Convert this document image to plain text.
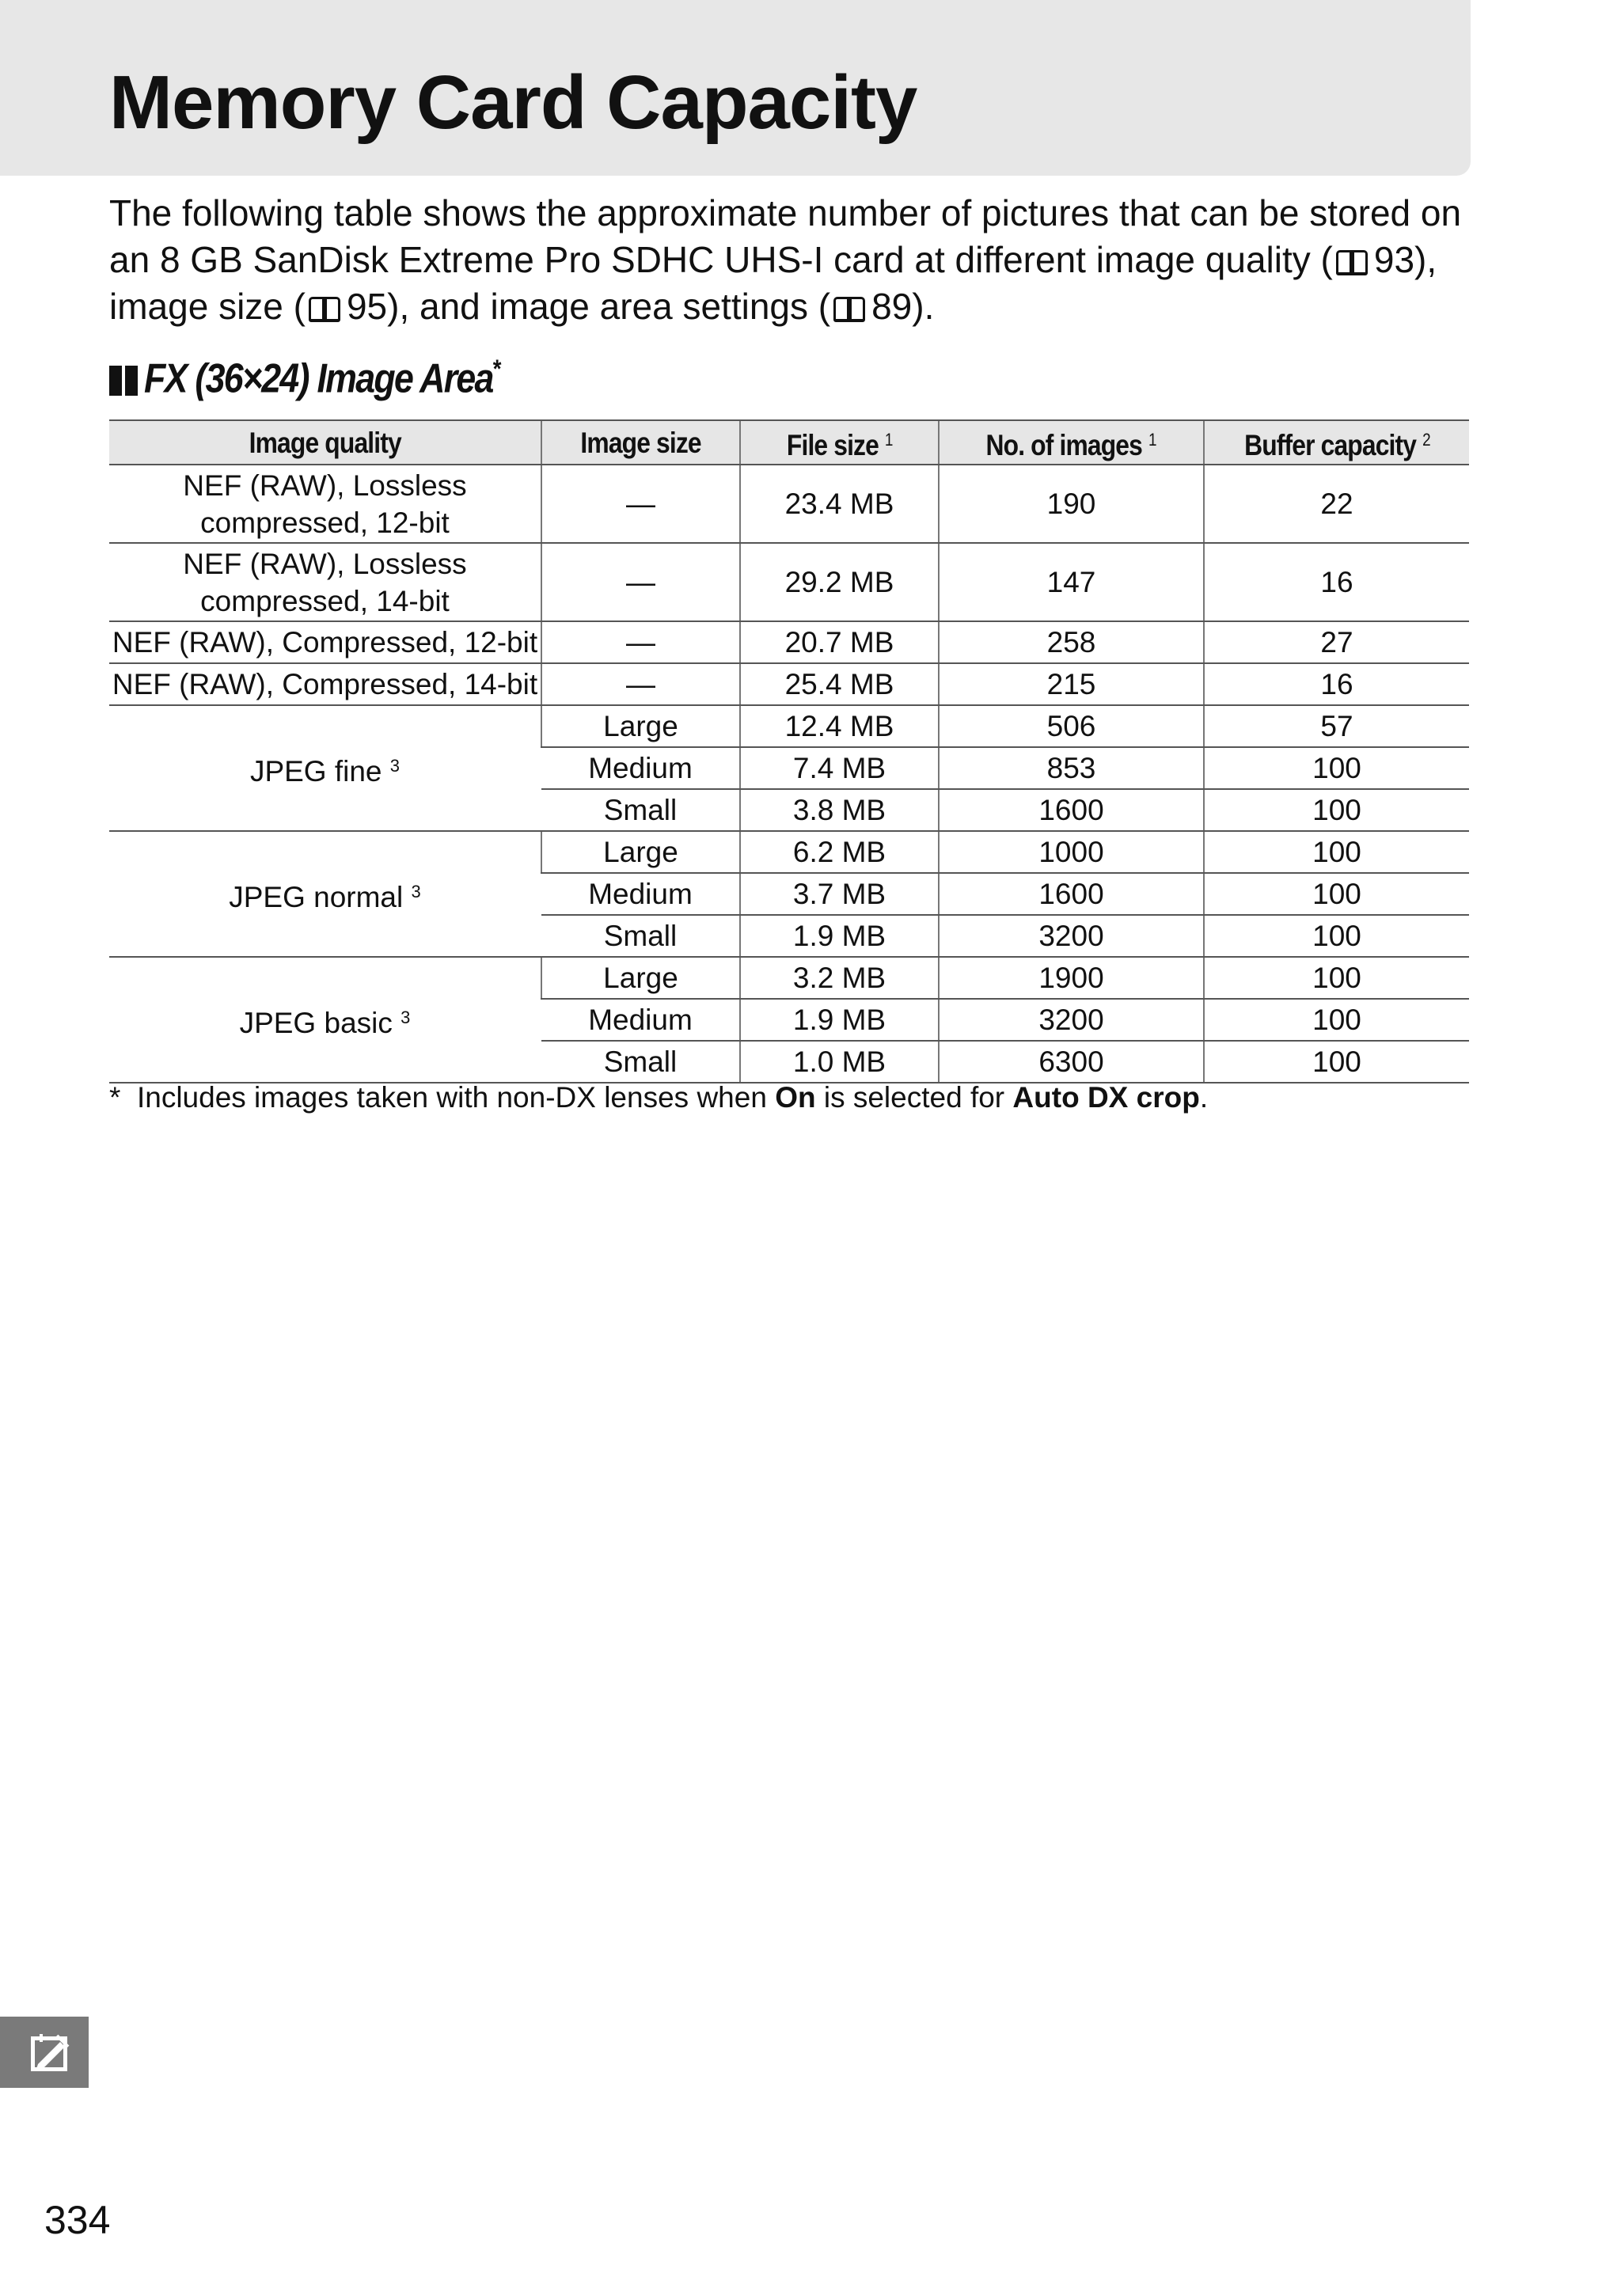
Memory Card Capacity

The following table shows the approximate number of pictures that can be stored on an 8 GB SanDisk Extreme Pro SDHC UHS-I card at different image quality ( 93), image size ( 95), and image area settings ( 89).

FX (36×24) Image Area*
Image quality	Image size	File size $^1$	No. of images $^1$	Buffer capacity $^2$
NEF (RAW), Lossless
compressed, 12-bit	—	23.4 MB	190	22
NEF (RAW), Lossless
compressed, 14-bit	—	29.2 MB	147	16
NEF (RAW), Compressed, 12-bit	—	20.7 MB	258	27
NEF (RAW), Compressed, 14-bit	—	25.4 MB	215	16
JPEG fine $^3$	Large	12.4 MB	506	57
	Medium	7.4 MB	853	100
	Small	3.8 MB	1600	100
JPEG normal $^3$	Large	6.2 MB	1000	100
	Medium	3.7 MB	1600	100
	Small	1.9 MB	3200	100
JPEG basic $^3$	Large	3.2 MB	1900	100
	Medium	1.9 MB	3200	100
	Small	1.0 MB	6300	100

* Includes images taken with non-DX lenses when On is selected for Auto DX crop.

334
